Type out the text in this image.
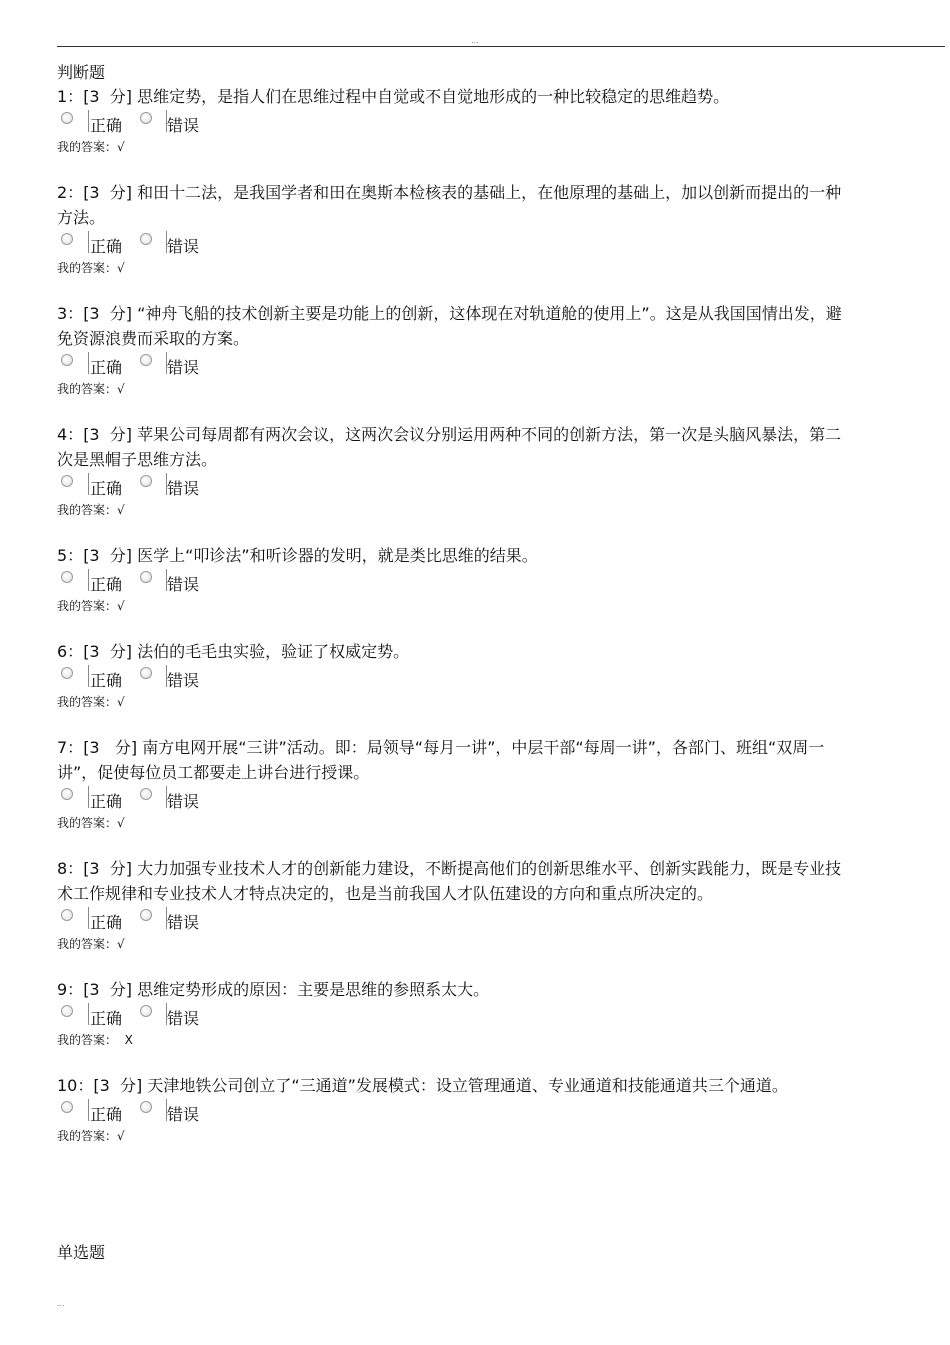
...
判断题
1：[3  分] 思维定势，是指人们在思维过程中自觉或不自觉地形成的一种比较稳定的思维趋势。
正确	错误
我的答案：√
2：[3  分] 和田十二法，是我国学者和田在奥斯本检核表的基础上，在他原理的基础上，加以创新而提出的一种方法。
正确	错误
我的答案：√
3：[3  分] “神舟飞船的技术创新主要是功能上的创新，这体现在对轨道舱的使用上”。这是从我国国情出发，避免资源浪费而采取的方案。
正确	错误
我的答案：√
4：[3  分] 苹果公司每周都有两次会议，这两次会议分别运用两种不同的创新方法，第一次是头脑风暴法，第二次是黑帽子思维方法。
正确	错误
我的答案：√
5：[3  分] 医学上“叩诊法”和听诊器的发明，就是类比思维的结果。
正确	错误
我的答案：√
6：[3  分] 法伯的毛毛虫实验，验证了权威定势。
正确	错误
我的答案：√
7：[3   分] 南方电网开展“三讲”活动。即：局领导“每月一讲”，中层干部“每周一讲”，各部门、班组“双周一讲”，促使每位员工都要走上讲台进行授课。
正确	错误
我的答案：√
8：[3  分] 大力加强专业技术人才的创新能力建设，不断提高他们的创新思维水平、创新实践能力，既是专业技术工作规律和专业技术人才特点决定的，也是当前我国人才队伍建设的方向和重点所决定的。
正确	错误
我的答案：√
9：[3  分] 思维定势形成的原因：主要是思维的参照系太大。
正确	错误
我的答案：  X
10：[3  分] 天津地铁公司创立了“三通道”发展模式：设立管理通道、专业通道和技能通道共三个通道。
正确	错误
我的答案：√
单选题
...
